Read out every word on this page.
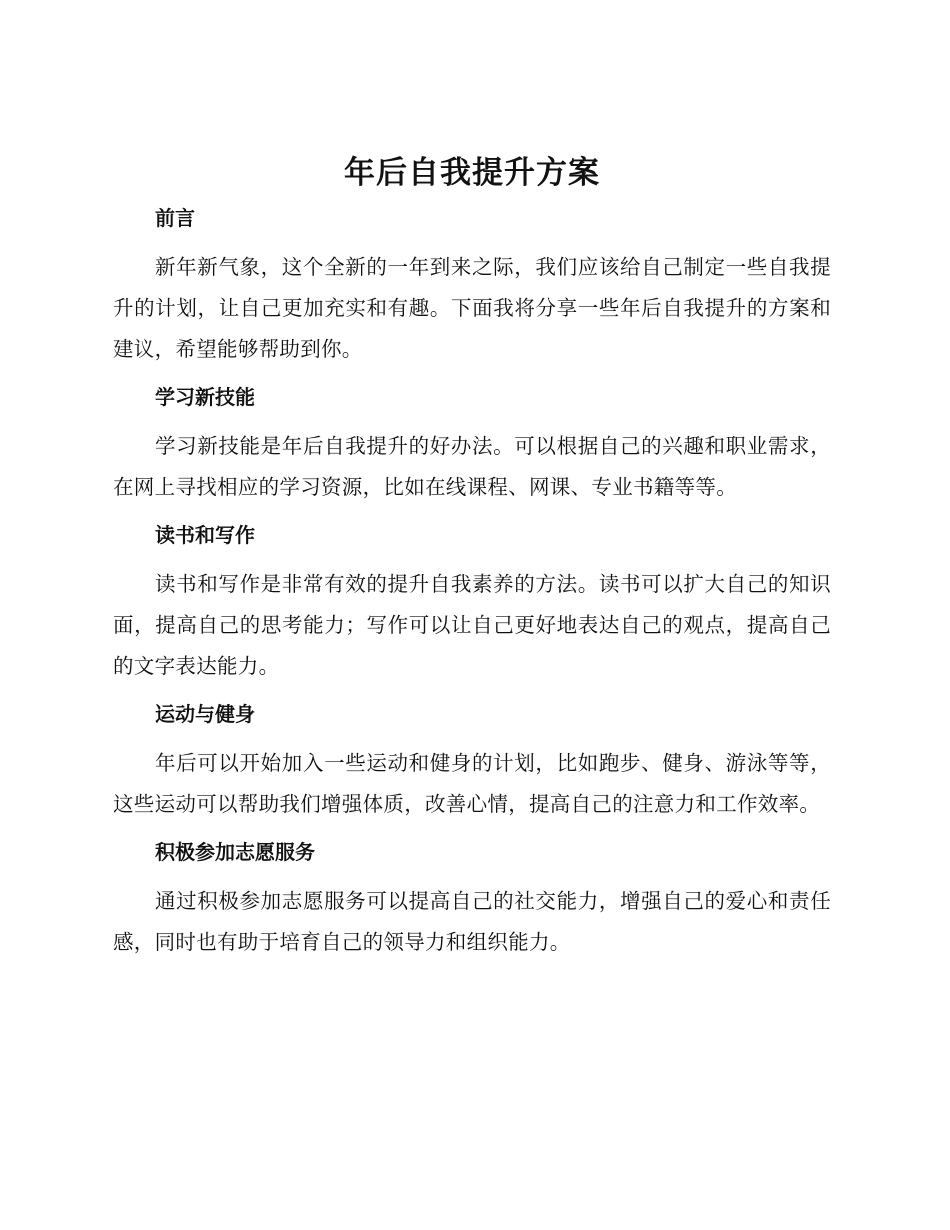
年后自我提升方案
前言

新年新气象，这个全新的一年到来之际，我们应该给自己制定一些自我提升的计划，让自己更加充实和有趣。下面我将分享一些年后自我提升的方案和建议，希望能够帮助到你。

学习新技能

学习新技能是年后自我提升的好办法。可以根据自己的兴趣和职业需求，在网上寻找相应的学习资源，比如在线课程、网课、专业书籍等等。

读书和写作

读书和写作是非常有效的提升自我素养的方法。读书可以扩大自己的知识面，提高自己的思考能力；写作可以让自己更好地表达自己的观点，提高自己的文字表达能力。

运动与健身

年后可以开始加入一些运动和健身的计划，比如跑步、健身、游泳等等，这些运动可以帮助我们增强体质，改善心情，提高自己的注意力和工作效率。

积极参加志愿服务

通过积极参加志愿服务可以提高自己的社交能力，增强自己的爱心和责任感，同时也有助于培育自己的领导力和组织能力。
